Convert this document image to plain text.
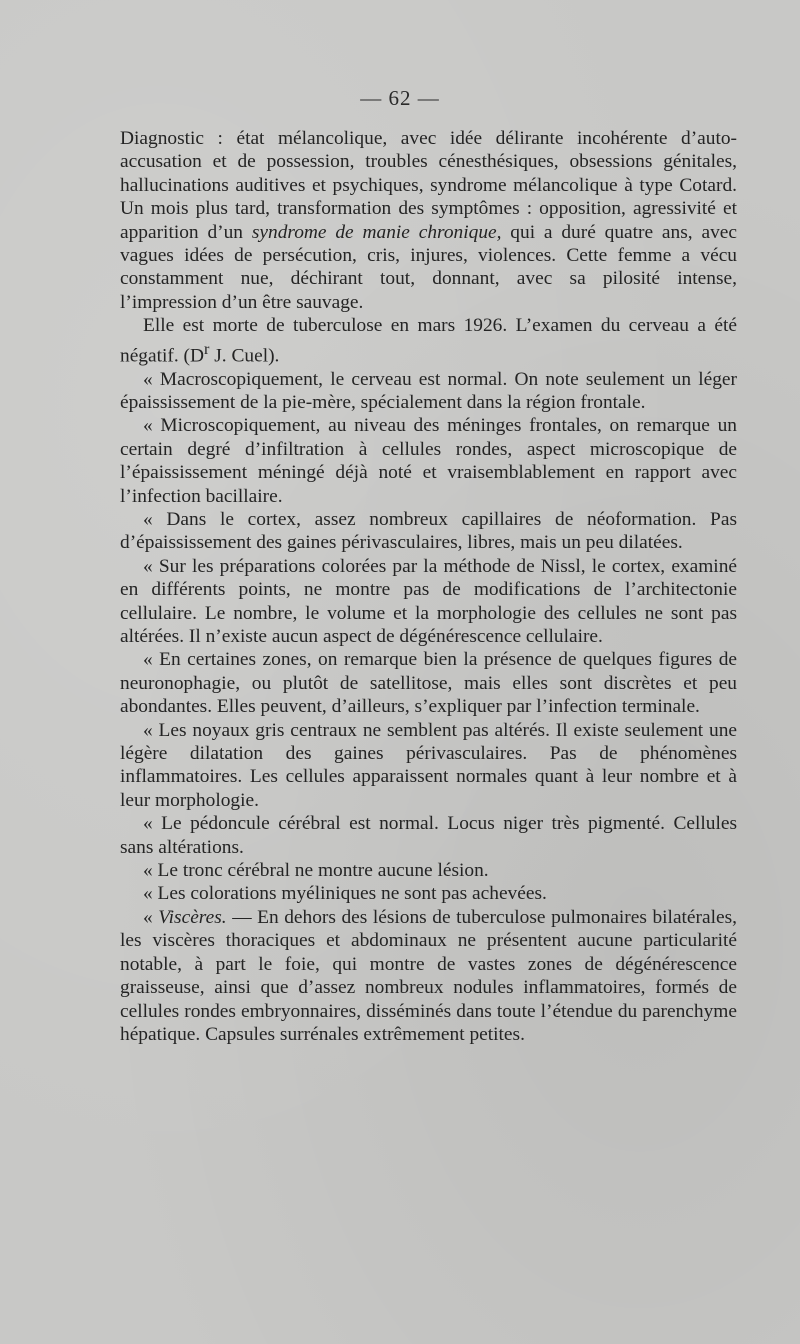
— 62 —

Diagnostic : état mélancolique, avec idée délirante incohérente d’auto-accusation et de possession, troubles cénesthésiques, obsessions génitales, hallucinations auditives et psychiques, syndrome mélancolique à type Cotard. Un mois plus tard, transformation des symptômes : opposition, agressivité et apparition d’un syndrome de manie chronique, qui a duré quatre ans, avec vagues idées de persécution, cris, injures, violences. Cette femme a vécu constamment nue, déchirant tout, donnant, avec sa pilosité intense, l’impression d’un être sauvage.

Elle est morte de tuberculose en mars 1926. L’examen du cerveau a été négatif. ($D^r$ J. Cuel).

« Macroscopiquement, le cerveau est normal. On note seulement un léger épaississement de la pie-mère, spécialement dans la région frontale.

« Microscopiquement, au niveau des méninges frontales, on remarque un certain degré d’infiltration à cellules rondes, aspect microscopique de l’épaississement méningé déjà noté et vraisemblablement en rapport avec l’infection bacillaire.

« Dans le cortex, assez nombreux capillaires de néoformation. Pas d’épaississement des gaines périvasculaires, libres, mais un peu dilatées.

« Sur les préparations colorées par la méthode de Nissl, le cortex, examiné en différents points, ne montre pas de modifications de l’architectonie cellulaire. Le nombre, le volume et la morphologie des cellules ne sont pas altérées. Il n’existe aucun aspect de dégénérescence cellulaire.

« En certaines zones, on remarque bien la présence de quelques figures de neuronophagie, ou plutôt de satellitose, mais elles sont discrètes et peu abondantes. Elles peuvent, d’ailleurs, s’expliquer par l’infection terminale.

« Les noyaux gris centraux ne semblent pas altérés. Il existe seulement une légère dilatation des gaines périvasculaires. Pas de phénomènes inflammatoires. Les cellules apparaissent normales quant à leur nombre et à leur morphologie.

« Le pédoncule cérébral est normal. Locus niger très pigmenté. Cellules sans altérations.

« Le tronc cérébral ne montre aucune lésion.

« Les colorations myéliniques ne sont pas achevées.

« Viscères. — En dehors des lésions de tuberculose pulmonaires bilatérales, les viscères thoraciques et abdominaux ne présentent aucune particularité notable, à part le foie, qui montre de vastes zones de dégénérescence graisseuse, ainsi que d’assez nombreux nodules inflammatoires, formés de cellules rondes embryonnaires, disséminés dans toute l’étendue du parenchyme hépatique. Capsules surrénales extrêmement petites.
